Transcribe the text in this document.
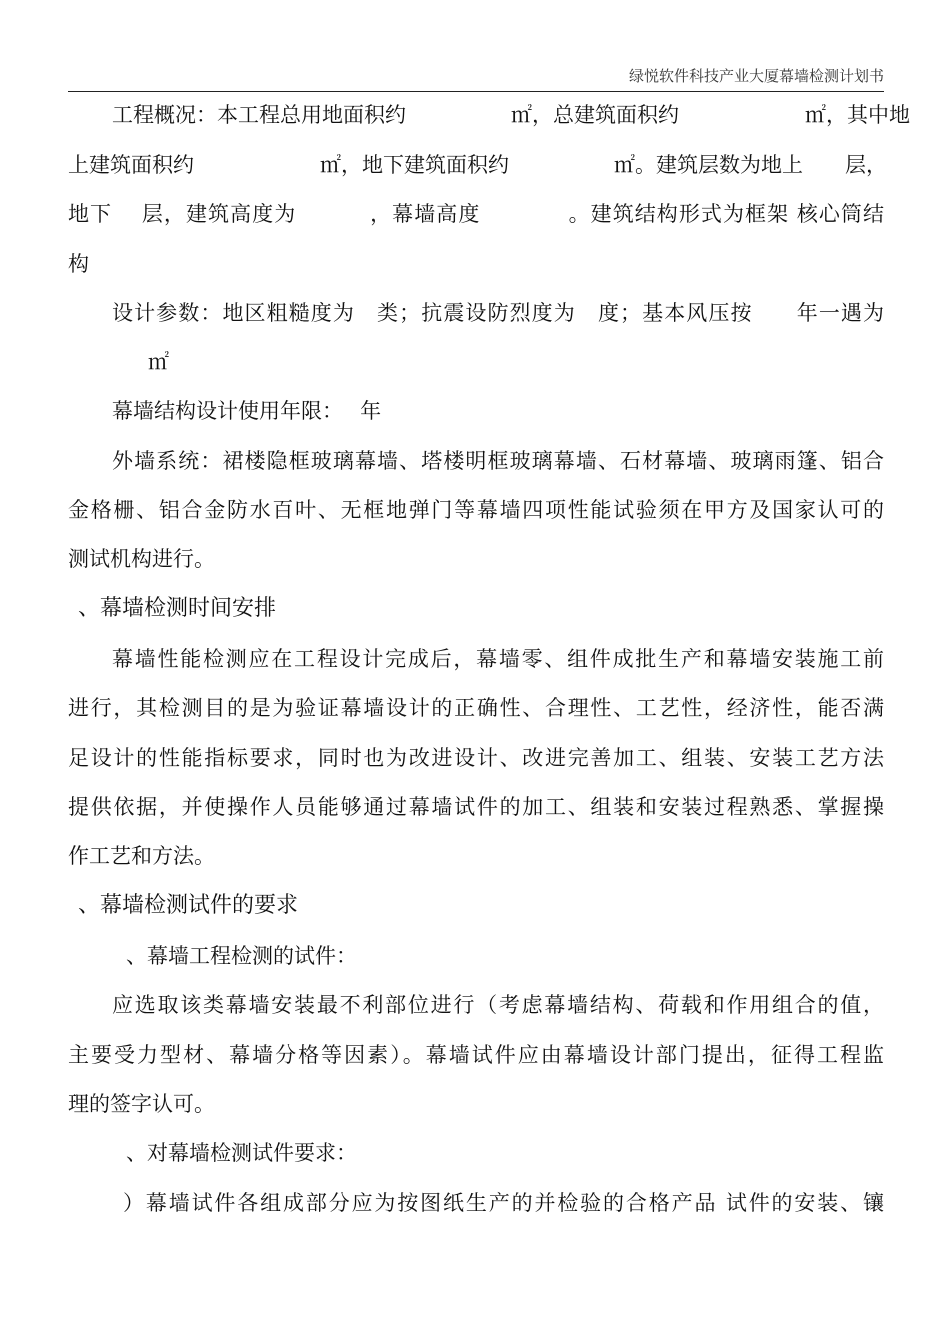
绿悦软件科技产业大厦幕墙检测计划书
工程概况：本工程总用地面积约　　　　　㎡，总建筑面积约　　　　　　㎡，其中地
上建筑面积约　　　　　　㎡，地下建筑面积约　　　　　㎡。建筑层数为地上　　层，
地下　 层，建筑高度为　　　 ，幕墙高度　　　　。建筑结构形式为框架 核心筒结
构
设计参数：地区粗糙度为　类；抗震设防烈度为　度；基本风压按　　年一遇为
㎡
幕墙结构设计使用年限：　 年
外墙系统：裙楼隐框玻璃幕墙、塔楼明框玻璃幕墙、石材幕墙、玻璃雨篷、铝合
金格栅、铝合金防水百叶、无框地弹门等幕墙四项性能试验须在甲方及国家认可的
测试机构进行。
、幕墙检测时间安排
幕墙性能检测应在工程设计完成后，幕墙零、组件成批生产和幕墙安装施工前
进行，其检测目的是为验证幕墙设计的正确性、合理性、工艺性，经济性，能否满
足设计的性能指标要求，同时也为改进设计、改进完善加工、组装、安装工艺方法
提供依据，并使操作人员能够通过幕墙试件的加工、组装和安装过程熟悉、掌握操
作工艺和方法。
、幕墙检测试件的要求
、幕墙工程检测的试件：
应选取该类幕墙安装最不利部位进行（考虑幕墙结构、荷载和作用组合的值，
主要受力型材、幕墙分格等因素）。幕墙试件应由幕墙设计部门提出，征得工程监
理的签字认可。
、对幕墙检测试件要求：
）幕墙试件各组成部分应为按图纸生产的并检验的合格产品 试件的安装、镶
